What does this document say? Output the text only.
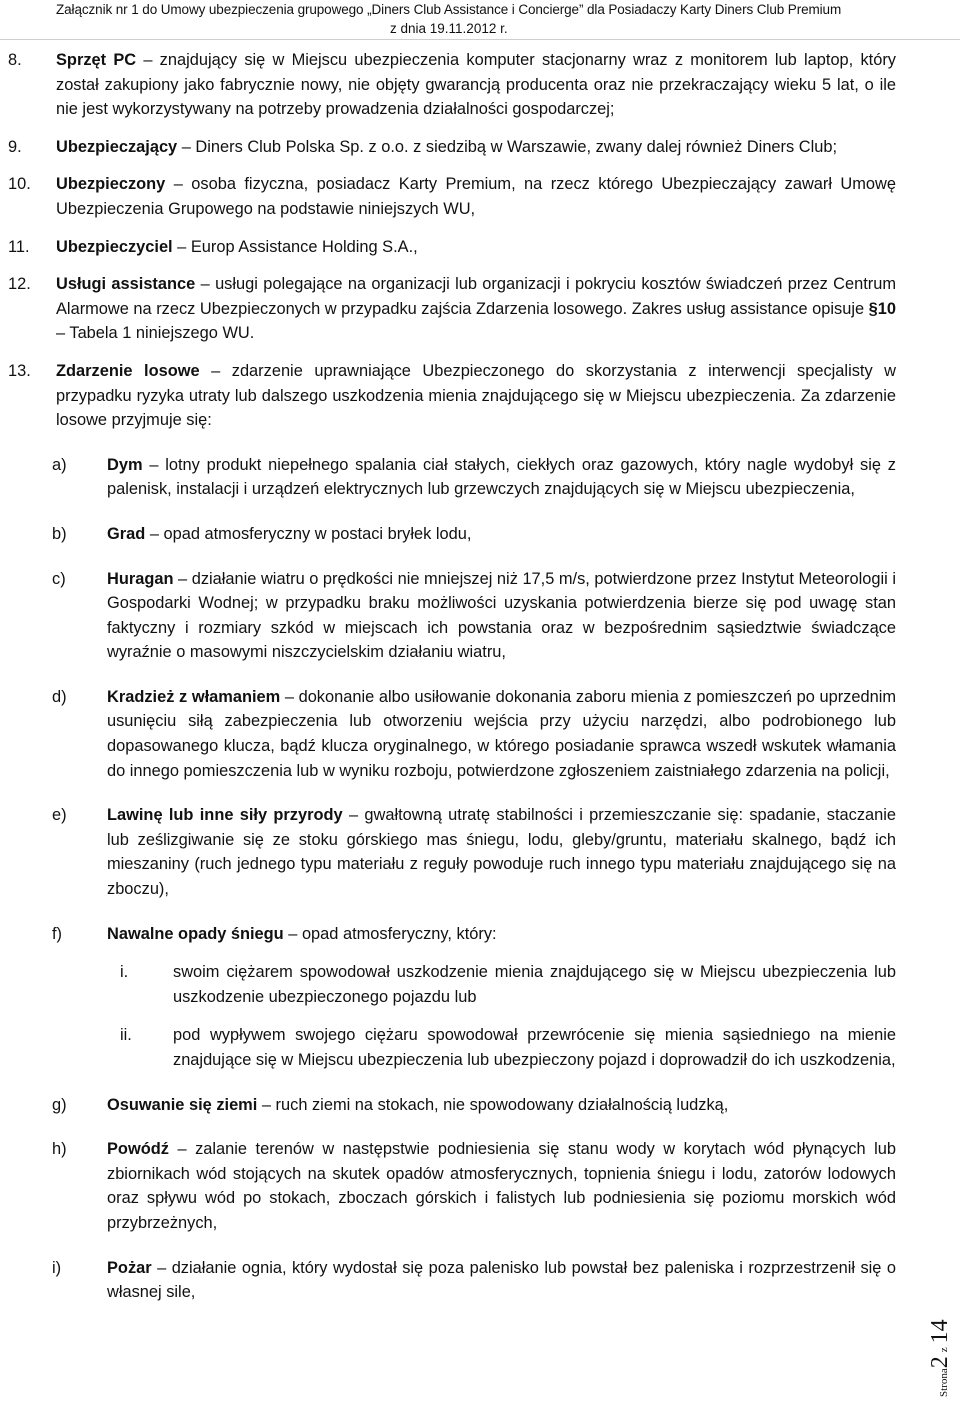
Załącznik nr 1 do Umowy ubezpieczenia grupowego „Diners Club Assistance i Concierge” dla Posiadaczy Karty Diners Club Premium
z dnia 19.11.2012 r.
8. Sprzęt PC – znajdujący się w Miejscu ubezpieczenia komputer stacjonarny wraz z monitorem lub laptop, który został zakupiony jako fabrycznie nowy, nie objęty gwarancją producenta oraz nie przekraczający wieku 5 lat, o ile nie jest wykorzystywany na potrzeby prowadzenia działalności gospodarczej;
9. Ubezpieczający – Diners Club Polska Sp. z o.o. z siedzibą w Warszawie, zwany dalej również Diners Club;
10. Ubezpieczony – osoba fizyczna, posiadacz Karty Premium, na rzecz którego Ubezpieczający zawarł Umowę Ubezpieczenia Grupowego na podstawie niniejszych WU,
11. Ubezpieczyciel – Europ Assistance Holding S.A.,
12. Usługi assistance – usługi polegające na organizacji lub organizacji i pokryciu kosztów świadczeń przez Centrum Alarmowe na rzecz Ubezpieczonych w przypadku zajścia Zdarzenia losowego. Zakres usług assistance opisuje §10 – Tabela 1 niniejszego WU.
13. Zdarzenie losowe – zdarzenie uprawniające Ubezpieczonego do skorzystania z interwencji specjalisty w przypadku ryzyka utraty lub dalszego uszkodzenia mienia znajdującego się w Miejscu ubezpieczenia. Za zdarzenie losowe przyjmuje się:
a) Dym – lotny produkt niepełnego spalania ciał stałych, ciekłych oraz gazowych, który nagle wydobył się z palenisk, instalacji i urządzeń elektrycznych lub grzewczych znajdujących się w Miejscu ubezpieczenia,
b) Grad – opad atmosferyczny w postaci bryłek lodu,
c)	Huragan – działanie wiatru o prędkości nie mniejszej niż 17,5 m/s, potwierdzone przez Instytut Meteorologii i Gospodarki Wodnej; w przypadku braku możliwości uzyskania potwierdzenia bierze się pod uwagę stan faktyczny i rozmiary szkód w miejscach ich powstania oraz w bezpośrednim sąsiedztwie świadczące wyraźnie o masowymi niszczycielskim działaniu wiatru,
d) Kradzież z włamaniem – dokonanie albo usiłowanie dokonania zaboru mienia z pomieszczeń po uprzednim usunięciu siłą zabezpieczenia lub otworzeniu wejścia przy użyciu narzędzi, albo podrobionego lub dopasowanego klucza, bądź klucza oryginalnego, w którego posiadanie sprawca wszedł wskutek włamania do innego pomieszczenia lub w wyniku rozboju, potwierdzone zgłoszeniem zaistniałego zdarzenia na policji,
e) Lawinę lub inne siły przyrody – gwałtowną utratę stabilności i przemieszczanie się: spadanie, staczanie lub ześlizgiwanie się ze stoku górskiego mas śniegu, lodu, gleby/gruntu, materiału skalnego, bądź ich mieszaniny (ruch jednego typu materiału z reguły powoduje ruch innego typu materiału znajdującego się na zboczu),
f)	Nawalne opady śniegu – opad atmosferyczny, który:
i.	swoim ciężarem spowodował uszkodzenie mienia znajdującego się w Miejscu ubezpieczenia lub uszkodzenie ubezpieczonego pojazdu lub
ii.	pod wypływem swojego ciężaru spowodował przewrócenie się mienia sąsiedniego na mienie znajdujące się w Miejscu ubezpieczenia lub ubezpieczony pojazd i doprowadził do ich uszkodzenia,
g) Osuwanie się ziemi – ruch ziemi na stokach, nie spowodowany działalnością ludzką,
h) Powódź – zalanie terenów w następstwie podniesienia się stanu wody w korytach wód płynących lub zbiornikach wód stojących na skutek opadów atmosferycznych, topnienia śniegu i lodu, zatorów lodowych oraz spływu wód po stokach, zboczach górskich i falistych lub podniesienia się poziomu morskich wód przybrzeżnych,
i)	Pożar – działanie ognia, który wydostał się poza palenisko lub powstał bez paleniska i rozprzestrzenił się o własnej sile,
Strona2 z 14
